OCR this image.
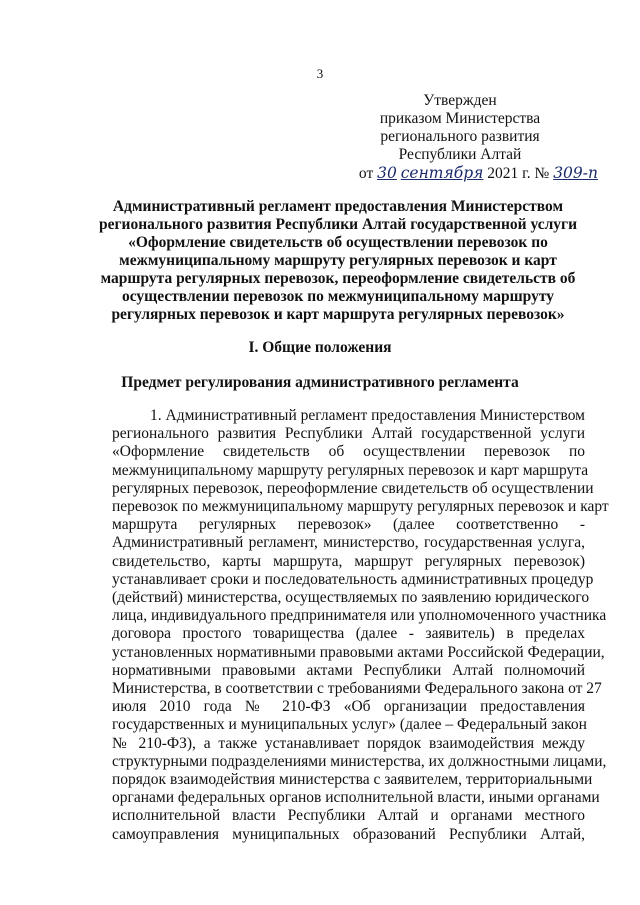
3
Утвержден
приказом Министерства
регионального развития
Республики Алтай
от 30 сентября 2021 г. № 309-п
Административный регламент предоставления Министерством
регионального развития Республики Алтай государственной услуги
«Оформление свидетельств об осуществлении перевозок по
межмуниципальному маршруту регулярных перевозок и карт
маршрута регулярных перевозок, переоформление свидетельств об
осуществлении перевозок по межмуниципальному маршруту
регулярных перевозок и карт маршрута регулярных перевозок»
I. Общие положения
Предмет регулирования административного регламента
1. Административный регламент предоставления Министерством
регионального развития Республики Алтай государственной услуги
«Оформление свидетельств об осуществлении перевозок по
межмуниципальному маршруту регулярных перевозок и карт маршрута
регулярных перевозок, переоформление свидетельств об осуществлении
перевозок по межмуниципальному маршруту регулярных перевозок и карт
маршрута регулярных перевозок» (далее соответственно -
Административный регламент, министерство, государственная услуга,
свидетельство, карты маршрута, маршрут регулярных перевозок)
устанавливает сроки и последовательность административных процедур
(действий) министерства, осуществляемых по заявлению юридического
лица, индивидуального предпринимателя или уполномоченного участника
договора простого товарищества (далее - заявитель) в пределах
установленных нормативными правовыми актами Российской Федерации,
нормативными правовыми актами Республики Алтай полномочий
Министерства, в соответствии с требованиями Федерального закона от 27
июля 2010 года № 210-ФЗ «Об организации предоставления
государственных и муниципальных услуг» (далее – Федеральный закон
№ 210-ФЗ), а также устанавливает порядок взаимодействия между
структурными подразделениями министерства, их должностными лицами,
порядок взаимодействия министерства с заявителем, территориальными
органами федеральных органов исполнительной власти, иными органами
исполнительной власти Республики Алтай и органами местного
самоуправления муниципальных образований Республики Алтай,
